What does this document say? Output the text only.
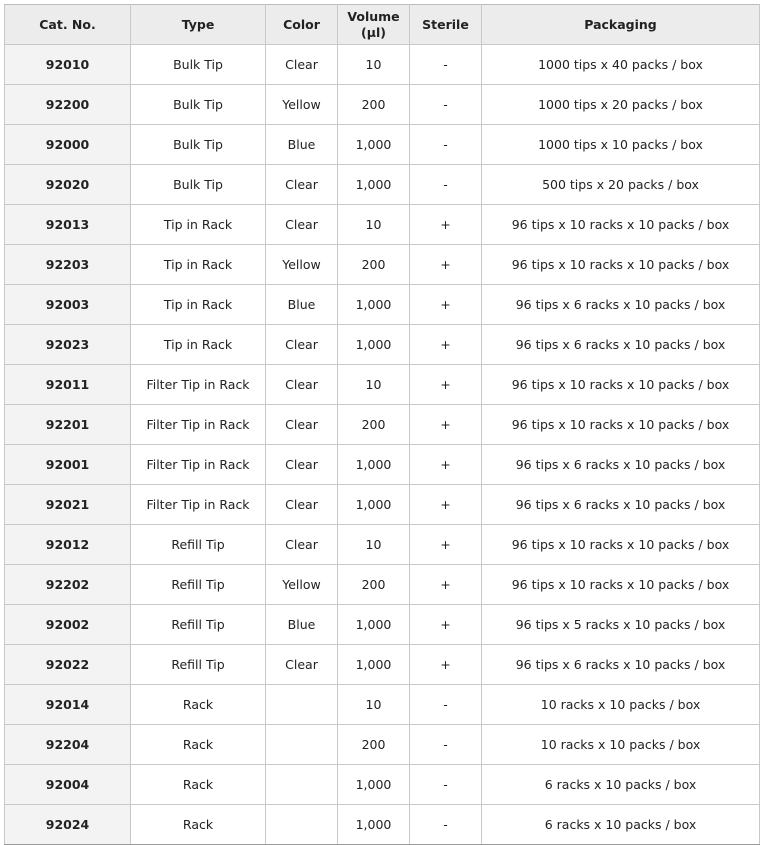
Cat. No.	Type	Color	Volume (µl)	Sterile	Packaging
92010	Bulk Tip	Clear	10	-	1000 tips x 40 packs / box
92200	Bulk Tip	Yellow	200	-	1000 tips x 20 packs / box
92000	Bulk Tip	Blue	1,000	-	1000 tips x 10 packs / box
92020	Bulk Tip	Clear	1,000	-	500 tips x 20 packs / box
92013	Tip in Rack	Clear	10	+	96 tips x 10 racks x 10 packs / box
92203	Tip in Rack	Yellow	200	+	96 tips x 10 racks x 10 packs / box
92003	Tip in Rack	Blue	1,000	+	96 tips x 6 racks x 10 packs / box
92023	Tip in Rack	Clear	1,000	+	96 tips x 6 racks x 10 packs / box
92011	Filter Tip in Rack	Clear	10	+	96 tips x 10 racks x 10 packs / box
92201	Filter Tip in Rack	Clear	200	+	96 tips x 10 racks x 10 packs / box
92001	Filter Tip in Rack	Clear	1,000	+	96 tips x 6 racks x 10 packs / box
92021	Filter Tip in Rack	Clear	1,000	+	96 tips x 6 racks x 10 packs / box
92012	Refill Tip	Clear	10	+	96 tips x 10 racks x 10 packs / box
92202	Refill Tip	Yellow	200	+	96 tips x 10 racks x 10 packs / box
92002	Refill Tip	Blue	1,000	+	96 tips x 5 racks x 10 packs / box
92022	Refill Tip	Clear	1,000	+	96 tips x 6 racks x 10 packs / box
92014	Rack		10	-	10 racks x 10 packs / box
92204	Rack		200	-	10 racks x 10 packs / box
92004	Rack		1,000	-	6 racks x 10 packs / box
92024	Rack		1,000	-	6 racks x 10 packs / box
